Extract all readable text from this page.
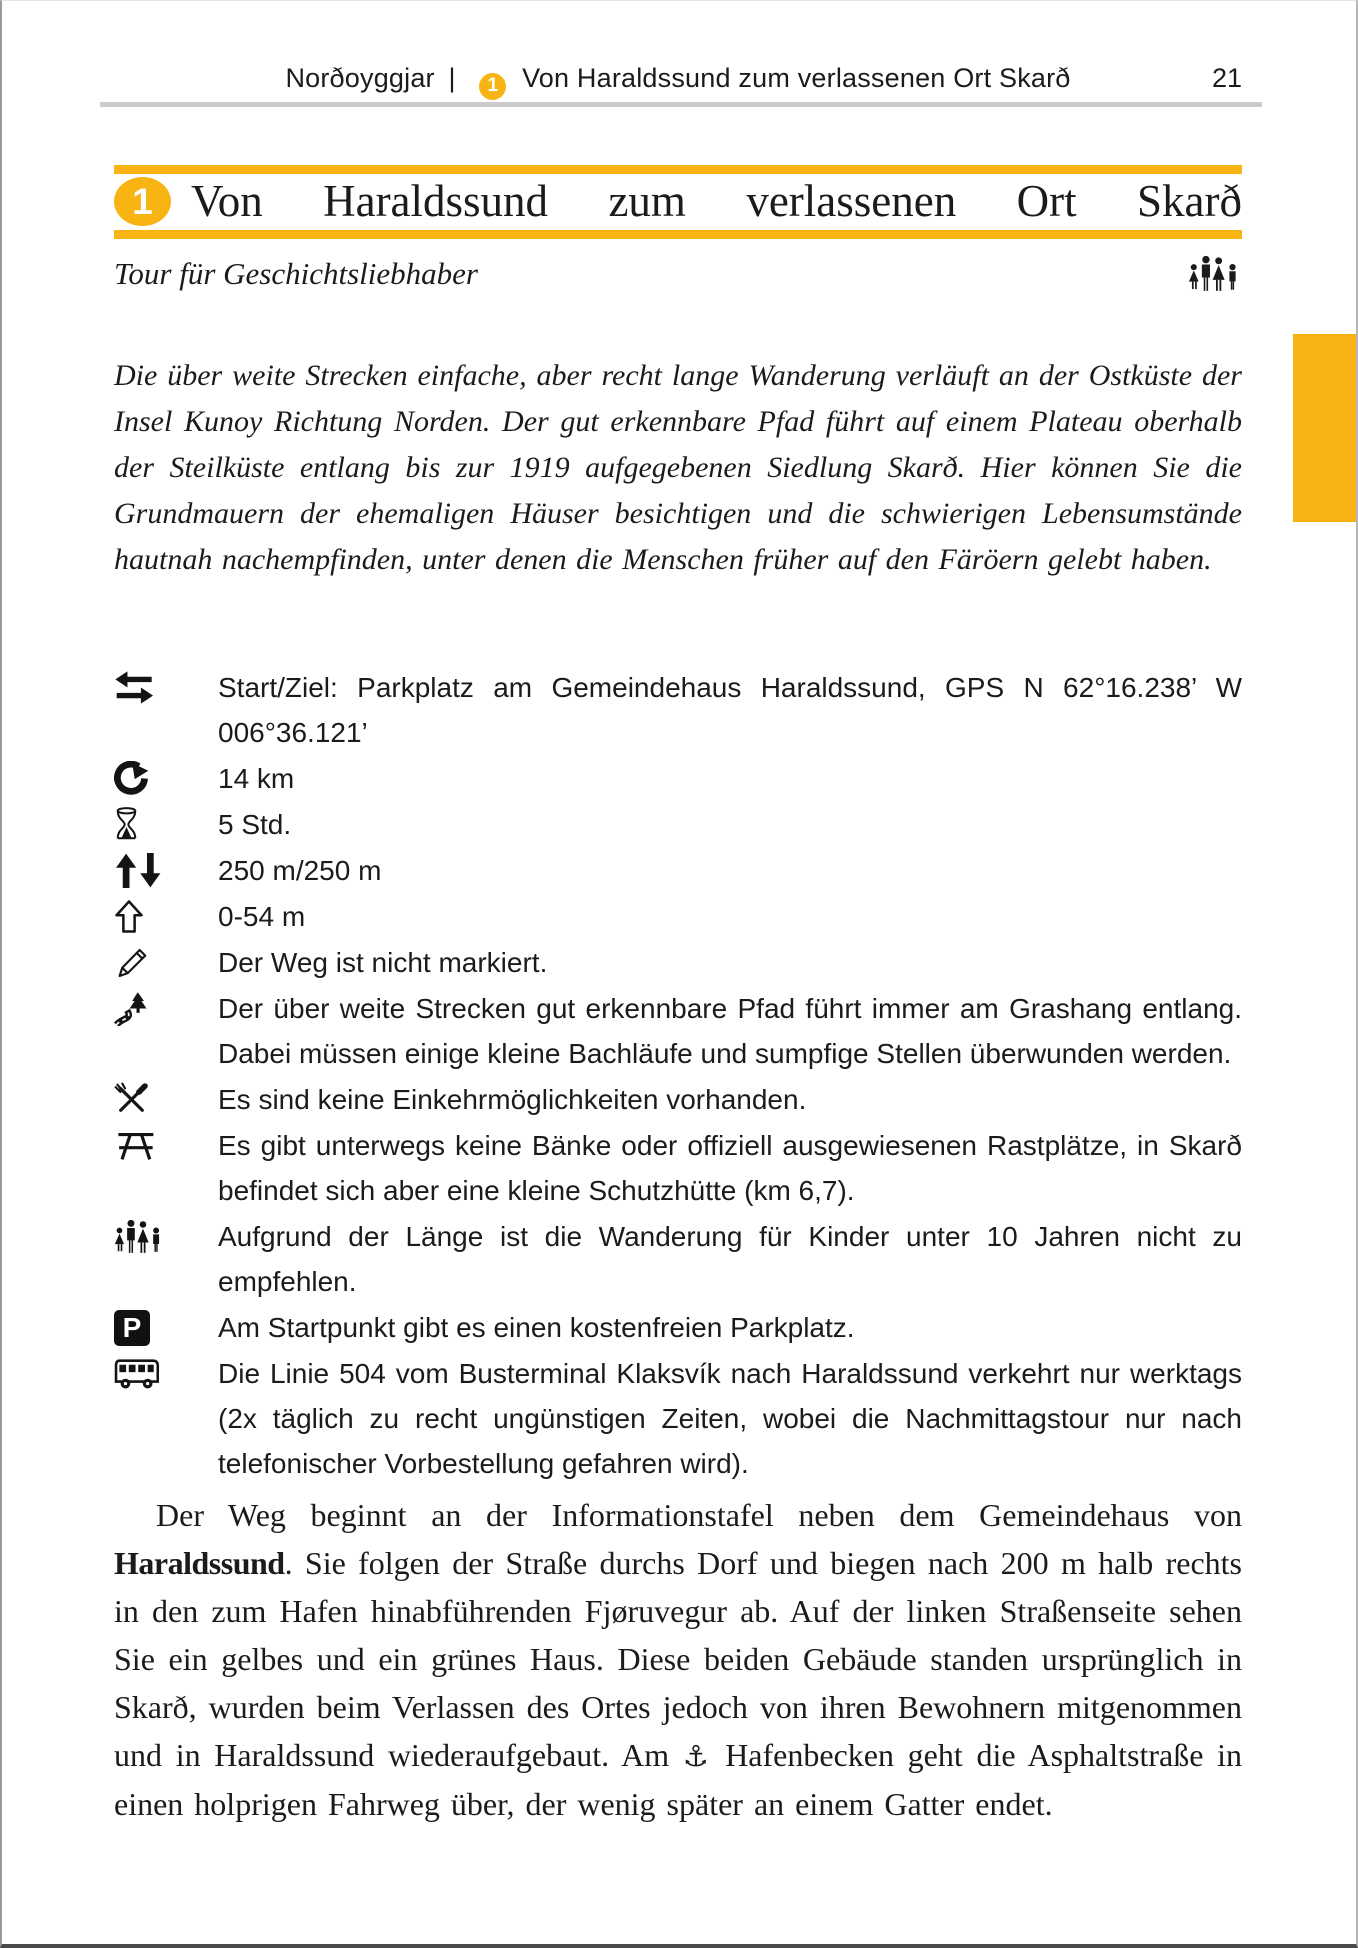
Norðoyggjar | 1 Von Haraldssund zum verlassenen Ort Skarð	21
1 Von Haraldssund zum verlassenen Ort Skarð
Tour für Geschichtsliebhaber
Die über weite Strecken einfache, aber recht lange Wanderung verläuft an der Ostküste der Insel Kunoy Richtung Norden. Der gut erkennbare Pfad führt auf einem Plateau oberhalb der Steilküste entlang bis zur 1919 aufgegebenen Siedlung Skarð. Hier können Sie die Grundmauern der ehemaligen Häuser besichtigen und die schwierigen Lebensumstände hautnah nachempfinden, unter denen die Menschen früher auf den Färöern gelebt haben.
Start/Ziel: Parkplatz am Gemeindehaus Haraldssund, GPS N 62°16.238’ W 006°36.121’
14 km
5 Std.
250 m/250 m
0-54 m
Der Weg ist nicht markiert.
Der über weite Strecken gut erkennbare Pfad führt immer am Grashang entlang. Dabei müssen einige kleine Bachläufe und sumpfige Stellen überwunden werden.
Es sind keine Einkehrmöglichkeiten vorhanden.
Es gibt unterwegs keine Bänke oder offiziell ausgewiesenen Rastplätze, in Skarð befindet sich aber eine kleine Schutzhütte (km 6,7).
Aufgrund der Länge ist die Wanderung für Kinder unter 10 Jahren nicht zu empfehlen.
P	Am Startpunkt gibt es einen kostenfreien Parkplatz.
Die Linie 504 vom Busterminal Klaksvík nach Haraldssund verkehrt nur werktags (2x täglich zu recht ungünstigen Zeiten, wobei die Nachmittagstour nur nach telefonischer Vorbestellung gefahren wird).
Der Weg beginnt an der Informationstafel neben dem Gemeindehaus von Haraldssund. Sie folgen der Straße durchs Dorf und biegen nach 200 m halb rechts in den zum Hafen hinabführenden Fjøruvegur ab. Auf der linken Straßenseite sehen Sie ein gelbes und ein grünes Haus. Diese beiden Gebäude standen ursprünglich in Skarð, wurden beim Verlassen des Ortes jedoch von ihren Bewohnern mitgenommen und in Haraldssund wiederaufgebaut. Am ⚓ Hafenbecken geht die Asphaltstraße in einen holprigen Fahrweg über, der wenig später an einem Gatter endet.
